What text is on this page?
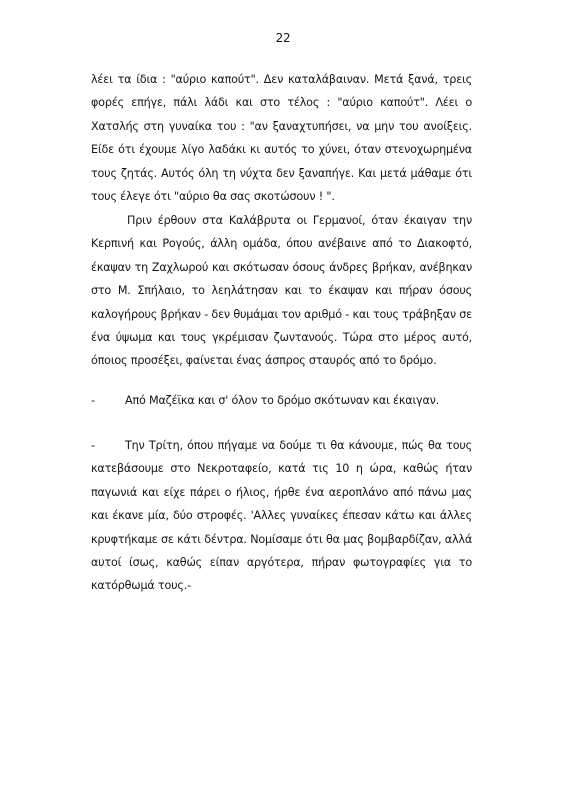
22

λέει τα ίδια : "αύριο καπούτ". Δεν καταλάβαιναν. Μετά ξανά, τρεις φορές επήγε, πάλι λάδι και στο τέλος : "αύριο καπούτ". Λέει ο Χατσλής στη γυναίκα του : "αν ξαναχτυπήσει, να μην του ανοίξεις. Είδε ότι έχουμε λίγο λαδάκι κι αυτός το χύνει, όταν στενοχωρημένα τους ζητάς. Αυτός όλη τη νύχτα δεν ξαναπήγε. Και μετά μάθαμε ότι τους έλεγε ότι "αύριο θα σας σκοτώσουν ! ".

Πριν έρθουν στα Καλάβρυτα οι Γερμανοί, όταν έκαιγαν την Κερπινή και Ρογούς, άλλη ομάδα, όπου ανέβαινε από το Διακοφτό, έκαψαν τη Ζαχλωρού και σκότωσαν όσους άνδρες βρήκαν, ανέβηκαν στο Μ. Σπήλαιο, το λεηλάτησαν και το έκαψαν και πήραν όσους καλογήρους βρήκαν - δεν θυμάμαι τον αριθμό - και τους τράβηξαν σε ένα ύψωμα και τους γκρέμισαν ζωντανούς. Τώρα στο μέρος αυτό, όποιος προσέξει, φαίνεται ένας άσπρος σταυρός από το δρόμο.

-	Από Μαζέϊκα και σ' όλον το δρόμο σκότωναν και έκαιγαν.

-	Την Τρίτη, όπου πήγαμε να δούμε τι θα κάνουμε, πώς θα τους κατεβάσουμε στο Νεκροταφείο, κατά τις 10 η ώρα, καθώς ήταν παγωνιά και είχε πάρει ο ήλιος, ήρθε ένα αεροπλάνο από πάνω μας και έκανε μία, δύο στροφές. 'Αλλες γυναίκες έπεσαν κάτω και άλλες κρυφτήκαμε σε κάτι δέντρα. Νομίσαμε ότι θα μας βομβαρδίζαν, αλλά αυτοί ίσως, καθώς είπαν αργότερα, πήραν φωτογραφίες για το κατόρθωμά τους.-
